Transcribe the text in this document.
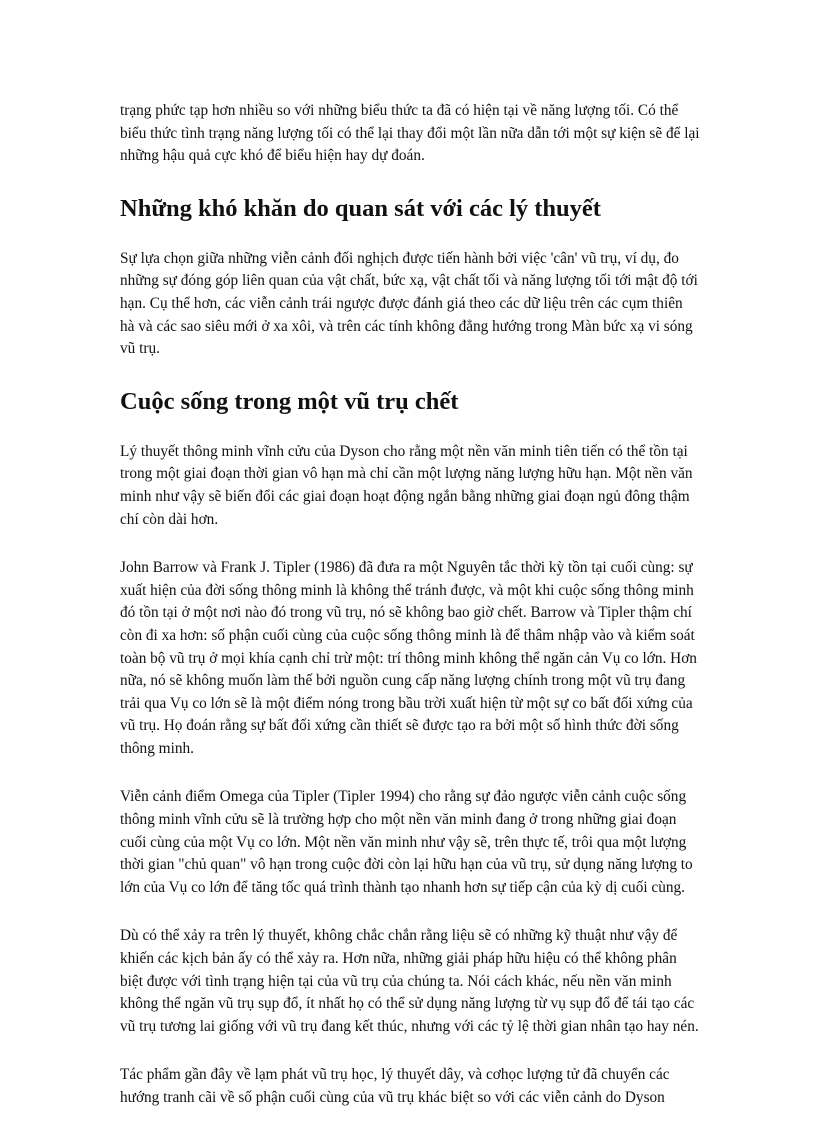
trạng phức tạp hơn nhiều so với những biểu thức ta đã có hiện tại về năng lượng tối. Có thể biểu thức tình trạng năng lượng tối có thể lại thay đổi một lần nữa dẫn tới một sự kiện sẽ để lại những hậu quả cực khó để biểu hiện hay dự đoán.

Những khó khăn do quan sát với các lý thuyết

Sự lựa chọn giữa những viễn cảnh đối nghịch được tiến hành bởi việc 'cân' vũ trụ, ví dụ, đo những sự đóng góp liên quan của vật chất, bức xạ, vật chất tối và năng lượng tối tới mật độ tới hạn. Cụ thể hơn, các viễn cảnh trái ngược được đánh giá theo các dữ liệu trên các cụm thiên hà và các sao siêu mới ở xa xôi, và trên các tính không đẳng hướng trong Màn bức xạ vi sóng vũ trụ.

Cuộc sống trong một vũ trụ chết

Lý thuyết thông minh vĩnh cửu của Dyson cho rằng một nền văn minh tiên tiến có thể tồn tại trong một giai đoạn thời gian vô hạn mà chỉ cần một lượng năng lượng hữu hạn. Một nền văn minh như vậy sẽ biến đổi các giai đoạn hoạt động ngắn bằng những giai đoạn ngủ đông thậm chí còn dài hơn.

John Barrow và Frank J. Tipler (1986) đã đưa ra một Nguyên tắc thời kỳ tồn tại cuối cùng: sự xuất hiện của đời sống thông minh là không thể tránh được, và một khi cuộc sống thông minh đó tồn tại ở một nơi nào đó trong vũ trụ, nó sẽ không bao giờ chết. Barrow và Tipler thậm chí còn đi xa hơn: số phận cuối cùng của cuộc sống thông minh là để thâm nhập vào và kiểm soát toàn bộ vũ trụ ở mọi khía cạnh chỉ trừ một: trí thông minh không thể ngăn cản Vụ co lớn. Hơn nữa, nó sẽ không muốn làm thế bởi nguồn cung cấp năng lượng chính trong một vũ trụ đang trải qua Vụ co lớn sẽ là một điểm nóng trong bầu trời xuất hiện từ một sự co bất đối xứng của vũ trụ. Họ đoán rằng sự bất đối xứng cần thiết sẽ được tạo ra bởi một số hình thức đời sống thông minh.

Viễn cảnh điểm Omega của Tipler (Tipler 1994) cho rằng sự đảo ngược viễn cảnh cuộc sống thông minh vĩnh cửu sẽ là trường hợp cho một nền văn minh đang ở trong những giai đoạn cuối cùng của một Vụ co lớn. Một nền văn minh như vậy sẽ, trên thực tế, trôi qua một lượng thời gian "chủ quan" vô hạn trong cuộc đời còn lại hữu hạn của vũ trụ, sử dụng năng lượng to lớn của Vụ co lớn để tăng tốc quá trình thành tạo nhanh hơn sự tiếp cận của kỳ dị cuối cùng.

Dù có thể xảy ra trên lý thuyết, không chắc chắn rằng liệu sẽ có những kỹ thuật như vậy để khiến các kịch bản ấy có thể xảy ra. Hơn nữa, những giải pháp hữu hiệu có thể không phân biệt được với tình trạng hiện tại của vũ trụ của chúng ta. Nói cách khác, nếu nền văn minh không thể ngăn vũ trụ sụp đổ, ít nhất họ có thể sử dụng năng lượng từ vụ sụp đổ để tái tạo các vũ trụ tương lai giống với vũ trụ đang kết thúc, nhưng với các tỷ lệ thời gian nhân tạo hay nén.

Tác phẩm gần đây về lạm phát vũ trụ học, lý thuyết dây, và cơhọc lượng tử đã chuyển các hướng tranh cãi về số phận cuối cùng của vũ trụ khác biệt so với các viễn cảnh do Dyson
